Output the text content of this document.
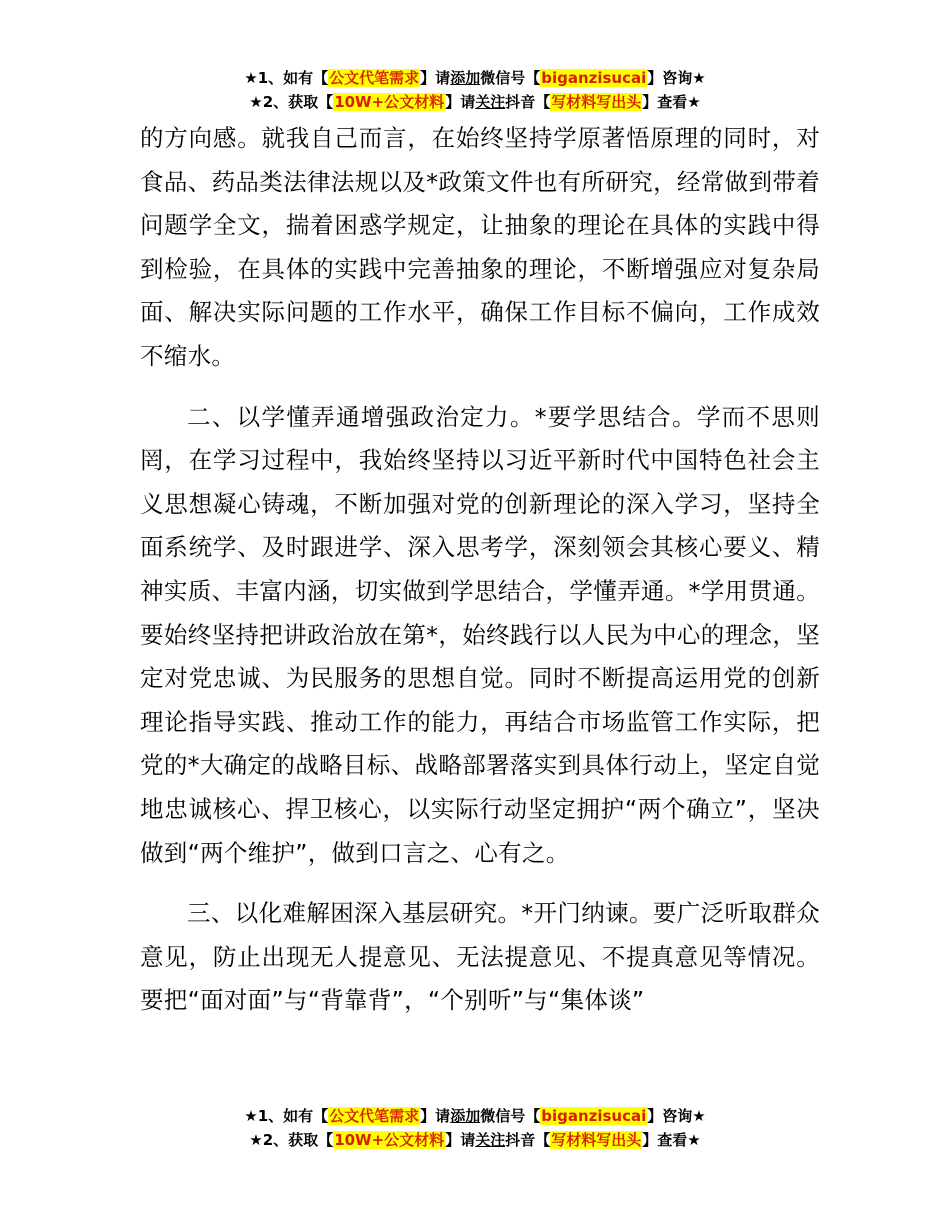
★1、如有【公文代笔需求】请添加微信号【biganzisucai】咨询★
★2、获取【10W+公文材料】请关注抖音【写材料写出头】查看★

的方向感。就我自己而言，在始终坚持学原著悟原理的同时，对食品、药品类法律法规以及*政策文件也有所研究，经常做到带着问题学全文，揣着困惑学规定，让抽象的理论在具体的实践中得到检验，在具体的实践中完善抽象的理论，不断增强应对复杂局面、解决实际问题的工作水平，确保工作目标不偏向，工作成效不缩水。

二、以学懂弄通增强政治定力。*要学思结合。学而不思则罔，在学习过程中，我始终坚持以习近平新时代中国特色社会主义思想凝心铸魂，不断加强对党的创新理论的深入学习，坚持全面系统学、及时跟进学、深入思考学，深刻领会其核心要义、精神实质、丰富内涵，切实做到学思结合，学懂弄通。*学用贯通。要始终坚持把讲政治放在第*，始终践行以人民为中心的理念，坚定对党忠诚、为民服务的思想自觉。同时不断提高运用党的创新理论指导实践、推动工作的能力，再结合市场监管工作实际，把党的*大确定的战略目标、战略部署落实到具体行动上，坚定自觉地忠诚核心、捍卫核心，以实际行动坚定拥护“两个确立”，坚决做到“两个维护”，做到口言之、心有之。

三、以化难解困深入基层研究。*开门纳谏。要广泛听取群众意见，防止出现无人提意见、无法提意见、不提真意见等情况。要把“面对面”与“背靠背”，“个别听”与“集体谈”

★1、如有【公文代笔需求】请添加微信号【biganzisucai】咨询★
★2、获取【10W+公文材料】请关注抖音【写材料写出头】查看★
